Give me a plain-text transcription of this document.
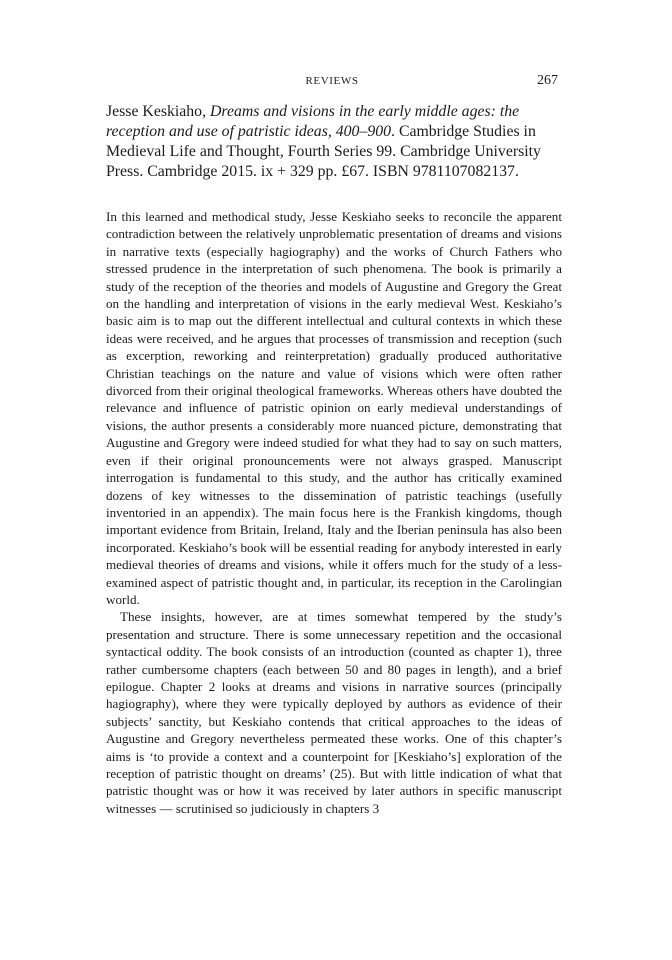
REVIEWS	267
Jesse Keskiaho, Dreams and visions in the early middle ages: the reception and use of patristic ideas, 400–900. Cambridge Studies in Medieval Life and Thought, Fourth Series 99. Cambridge University Press. Cambridge 2015. ix + 329 pp. £67. ISBN 9781107082137.

In this learned and methodical study, Jesse Keskiaho seeks to reconcile the apparent contradiction between the relatively unproblematic presentation of dreams and visions in narrative texts (especially hagiography) and the works of Church Fathers who stressed prudence in the interpretation of such phenomena. The book is primarily a study of the reception of the theories and models of Augustine and Gregory the Great on the handling and interpretation of visions in the early medieval West. Keskiaho’s basic aim is to map out the different intellectual and cultural contexts in which these ideas were received, and he argues that processes of transmission and reception (such as excerption, reworking and reinterpretation) gradually produced authoritative Christian teachings on the nature and value of visions which were often rather divorced from their original theological frameworks. Whereas others have doubted the relevance and influence of patristic opinion on early medieval understandings of visions, the author presents a considerably more nuanced picture, demonstrating that Augustine and Gregory were indeed studied for what they had to say on such matters, even if their original pronouncements were not always grasped. Manuscript interrogation is fundamental to this study, and the author has critically examined dozens of key witnesses to the dissemination of patristic teachings (usefully inventoried in an appendix). The main focus here is the Frankish kingdoms, though important evidence from Britain, Ireland, Italy and the Iberian peninsula has also been incorporated. Keskiaho’s book will be essential reading for anybody interested in early medieval theories of dreams and visions, while it offers much for the study of a less-examined aspect of patristic thought and, in particular, its reception in the Carolingian world.

These insights, however, are at times somewhat tempered by the study’s presentation and structure. There is some unnecessary repetition and the occasional syntactical oddity. The book consists of an introduction (counted as chapter 1), three rather cumbersome chapters (each between 50 and 80 pages in length), and a brief epilogue. Chapter 2 looks at dreams and visions in narrative sources (principally hagiography), where they were typically deployed by authors as evidence of their subjects’ sanctity, but Keskiaho contends that critical approaches to the ideas of Augustine and Gregory nevertheless permeated these works. One of this chapter’s aims is ‘to provide a context and a counterpoint for [Keskiaho’s] exploration of the reception of patristic thought on dreams’ (25). But with little indication of what that patristic thought was or how it was received by later authors in specific manuscript witnesses — scrutinised so judiciously in chapters 3
